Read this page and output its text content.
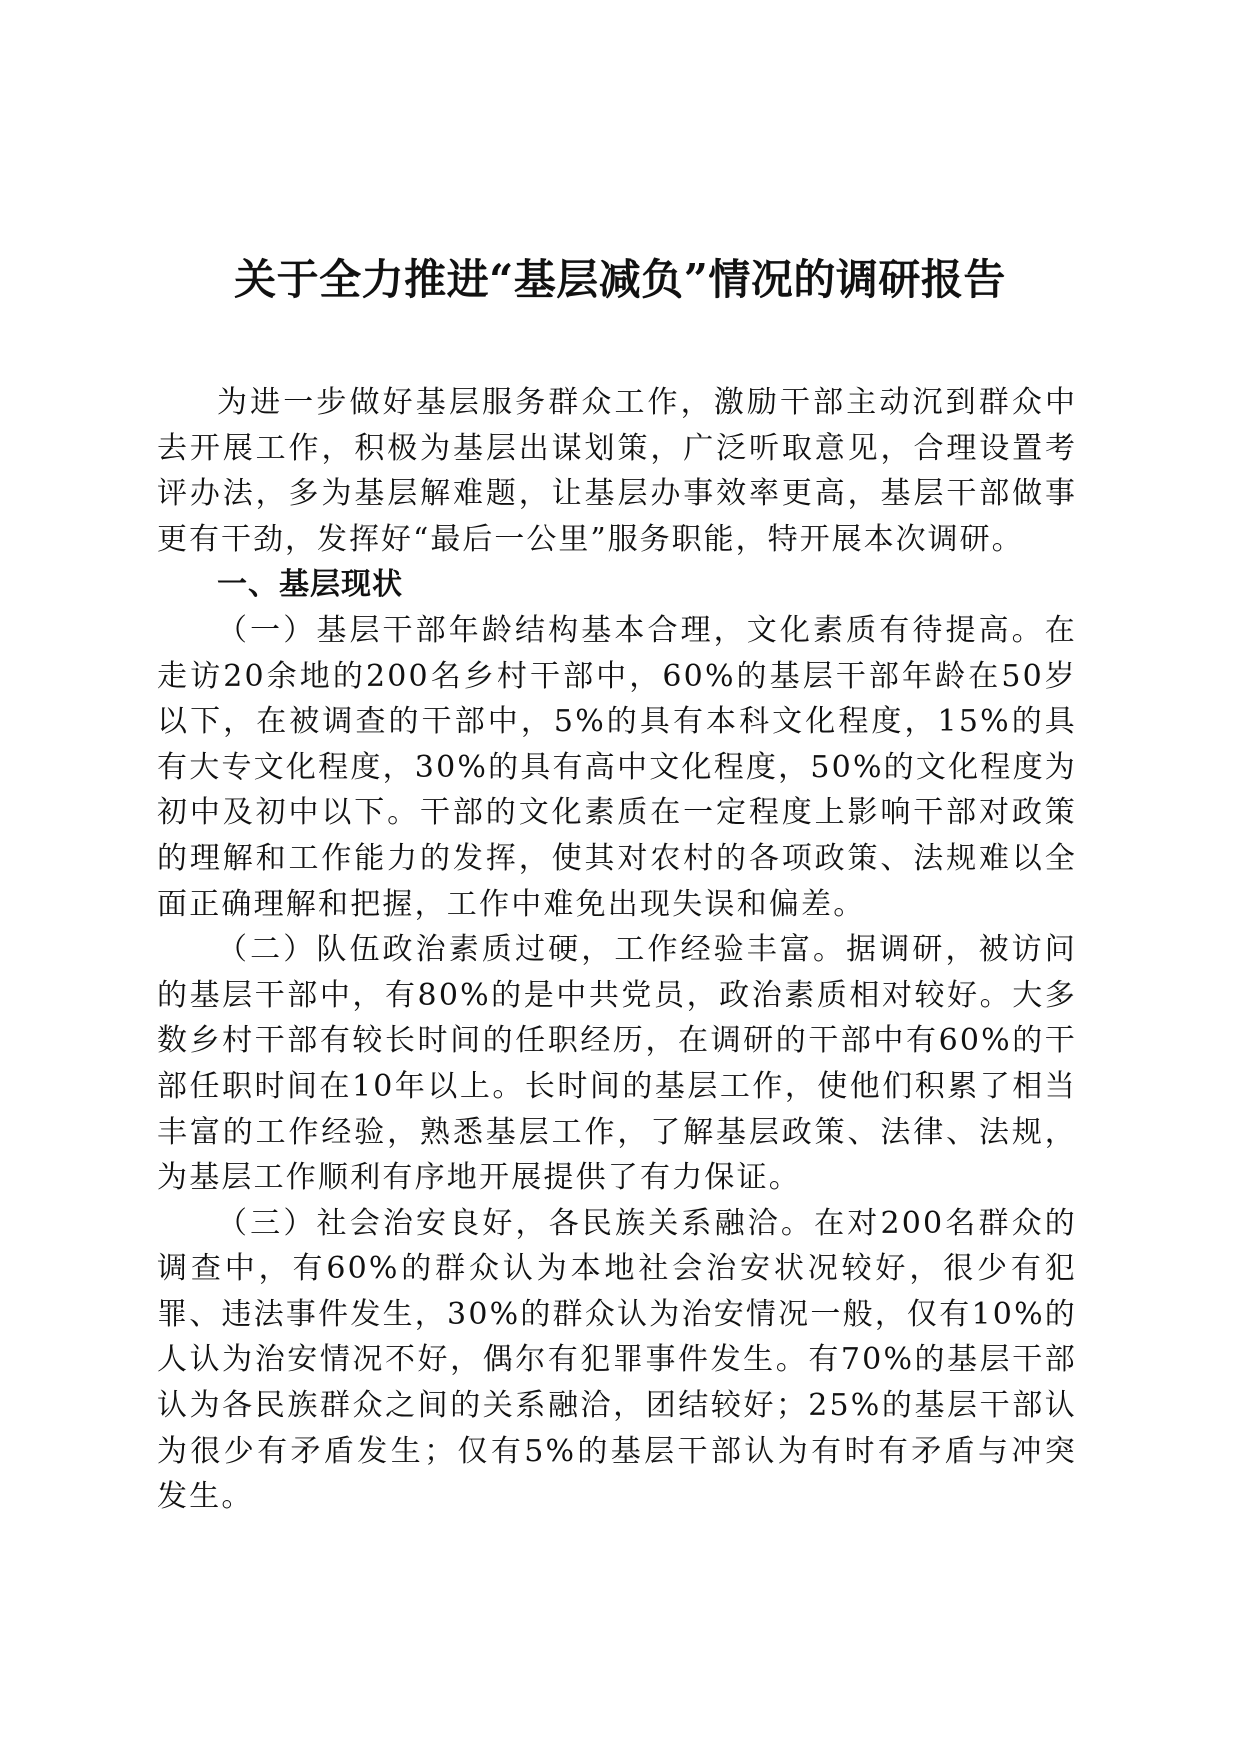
关于全力推进“基层减负”情况的调研报告

为进一步做好基层服务群众工作，激励干部主动沉到群众中去开展工作，积极为基层出谋划策，广泛听取意见，合理设置考评办法，多为基层解难题，让基层办事效率更高，基层干部做事更有干劲，发挥好“最后一公里”服务职能，特开展本次调研。

一、基层现状

（一）基层干部年龄结构基本合理，文化素质有待提高。在走访20余地的200名乡村干部中，60%的基层干部年龄在50岁以下，在被调查的干部中，5%的具有本科文化程度，15%的具有大专文化程度，30%的具有高中文化程度，50%的文化程度为初中及初中以下。干部的文化素质在一定程度上影响干部对政策的理解和工作能力的发挥，使其对农村的各项政策、法规难以全面正确理解和把握，工作中难免出现失误和偏差。

（二）队伍政治素质过硬，工作经验丰富。据调研，被访问的基层干部中，有80%的是中共党员，政治素质相对较好。大多数乡村干部有较长时间的任职经历，在调研的干部中有60%的干部任职时间在10年以上。长时间的基层工作，使他们积累了相当丰富的工作经验，熟悉基层工作，了解基层政策、法律、法规，为基层工作顺利有序地开展提供了有力保证。

（三）社会治安良好，各民族关系融洽。在对200名群众的调查中，有60%的群众认为本地社会治安状况较好，很少有犯罪、违法事件发生，30%的群众认为治安情况一般，仅有10%的人认为治安情况不好，偶尔有犯罪事件发生。有70%的基层干部认为各民族群众之间的关系融洽，团结较好；25%的基层干部认为很少有矛盾发生；仅有5%的基层干部认为有时有矛盾与冲突发生。
